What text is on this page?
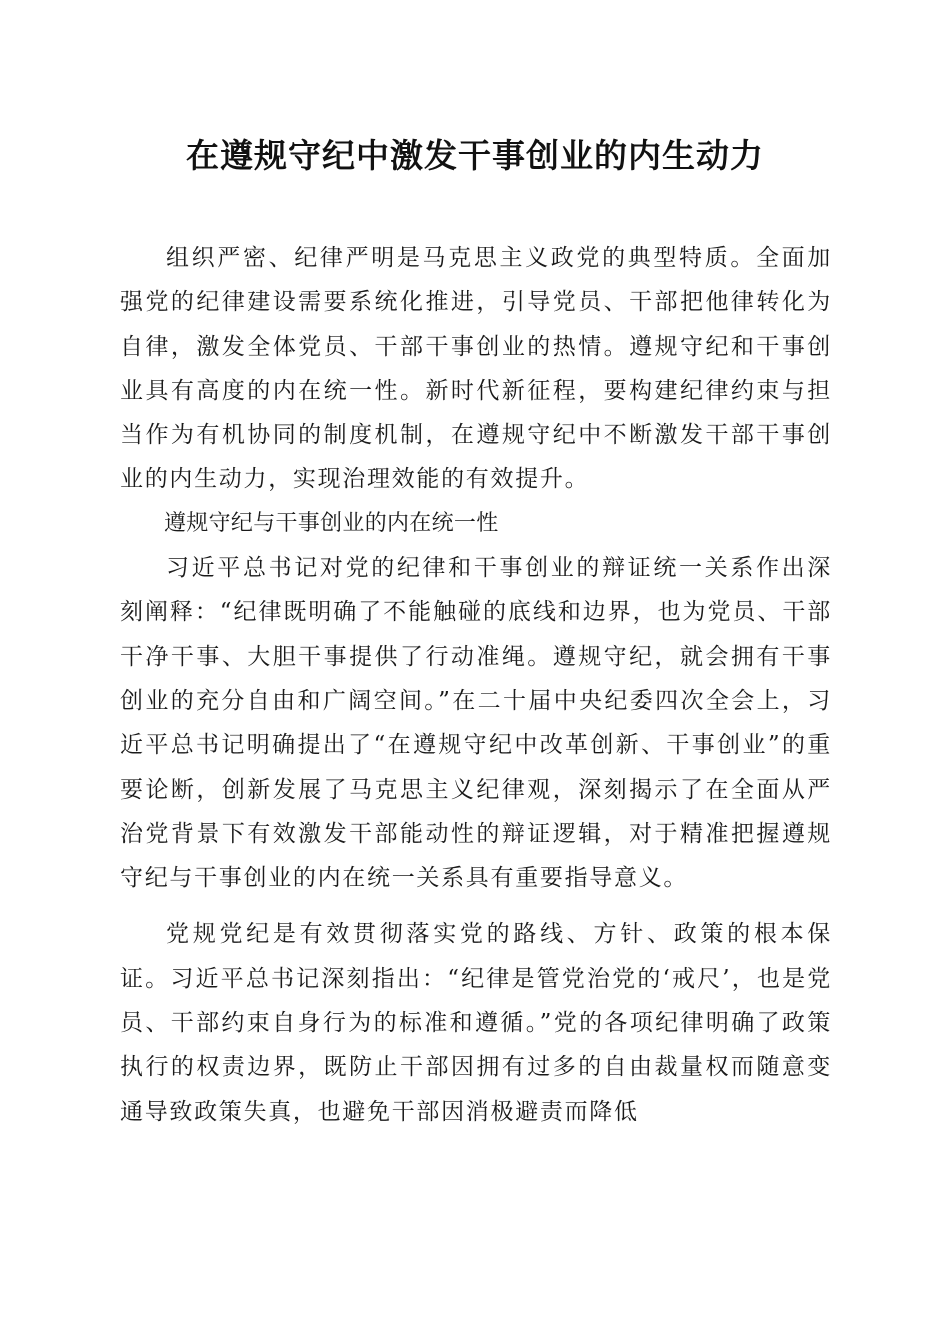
在遵规守纪中激发干事创业的内生动力

组织严密、纪律严明是马克思主义政党的典型特质。全面加强党的纪律建设需要系统化推进，引导党员、干部把他律转化为自律，激发全体党员、干部干事创业的热情。遵规守纪和干事创业具有高度的内在统一性。新时代新征程，要构建纪律约束与担当作为有机协同的制度机制，在遵规守纪中不断激发干部干事创业的内生动力，实现治理效能的有效提升。

遵规守纪与干事创业的内在统一性

习近平总书记对党的纪律和干事创业的辩证统一关系作出深刻阐释：“纪律既明确了不能触碰的底线和边界，也为党员、干部干净干事、大胆干事提供了行动准绳。遵规守纪，就会拥有干事创业的充分自由和广阔空间。”在二十届中央纪委四次全会上，习近平总书记明确提出了“在遵规守纪中改革创新、干事创业”的重要论断，创新发展了马克思主义纪律观，深刻揭示了在全面从严治党背景下有效激发干部能动性的辩证逻辑，对于精准把握遵规守纪与干事创业的内在统一关系具有重要指导意义。

党规党纪是有效贯彻落实党的路线、方针、政策的根本保证。习近平总书记深刻指出：“纪律是管党治党的‘戒尺’，也是党员、干部约束自身行为的标准和遵循。”党的各项纪律明确了政策执行的权责边界，既防止干部因拥有过多的自由裁量权而随意变通导致政策失真，也避免干部因消极避责而降低
